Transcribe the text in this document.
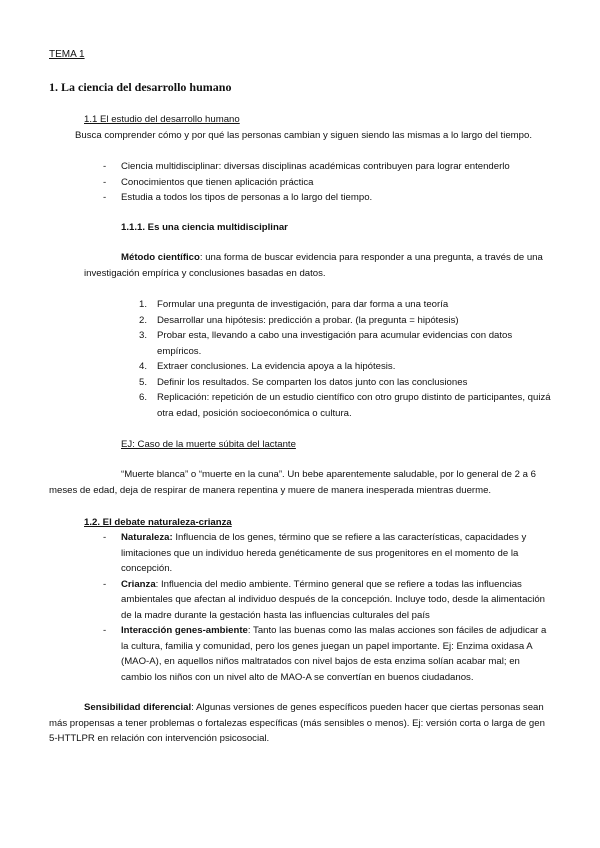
TEMA 1
1. La ciencia del desarrollo humano
1.1 El estudio del desarrollo humano

Busca comprender cómo y por qué las personas cambian y siguen siendo las mismas a lo largo del tiempo.

- Ciencia multidisciplinar: diversas disciplinas académicas contribuyen para lograr entenderlo
- Conocimientos que tienen aplicación práctica
- Estudia a todos los tipos de personas a lo largo del tiempo.
1.1.1. Es una ciencia multidisciplinar

Método científico: una forma de buscar evidencia para responder a una pregunta, a través de una investigación empírica y conclusiones basadas en datos.

1. Formular una pregunta de investigación, para dar forma a una teoría
2. Desarrollar una hipótesis: predicción a probar. (la pregunta = hipótesis)
3. Probar esta, llevando a cabo una investigación para acumular evidencias con datos empíricos.
4. Extraer conclusiones. La evidencia apoya a la hipótesis.
5. Definir los resultados. Se comparten los datos junto con las conclusiones
6. Replicación: repetición de un estudio científico con otro grupo distinto de participantes, quizá otra edad, posición socioeconómica o cultura.
EJ: Caso de la muerte súbita del lactante

“Muerte blanca” o “muerte en la cuna”. Un bebe aparentemente saludable, por lo general de 2 a 6 meses de edad, deja de respirar de manera repentina y muere de manera inesperada mientras duerme.

1.2. El debate naturaleza-crianza
- Naturaleza: Influencia de los genes, término que se refiere a las características, capacidades y limitaciones que un individuo hereda genéticamente de sus progenitores en el momento de la concepción.
- Crianza: Influencia del medio ambiente. Término general que se refiere a todas las influencias ambientales que afectan al individuo después de la concepción. Incluye todo, desde la alimentación de la madre durante la gestación hasta las influencias culturales del país
- Interacción genes-ambiente: Tanto las buenas como las malas acciones son fáciles de adjudicar a la cultura, familia y comunidad, pero los genes juegan un papel importante. Ej: Enzima oxidasa A (MAO-A), en aquellos niños maltratados con nivel bajos de esta enzima solían acabar mal; en cambio los niños con un nivel alto de MAO-A se convertían en buenos ciudadanos.

Sensibilidad diferencial: Algunas versiones de genes específicos pueden hacer que ciertas personas sean más propensas a tener problemas o fortalezas específicas (más sensibles o menos). Ej: versión corta o larga de gen 5-HTTLPR en relación con intervención psicosocial.
